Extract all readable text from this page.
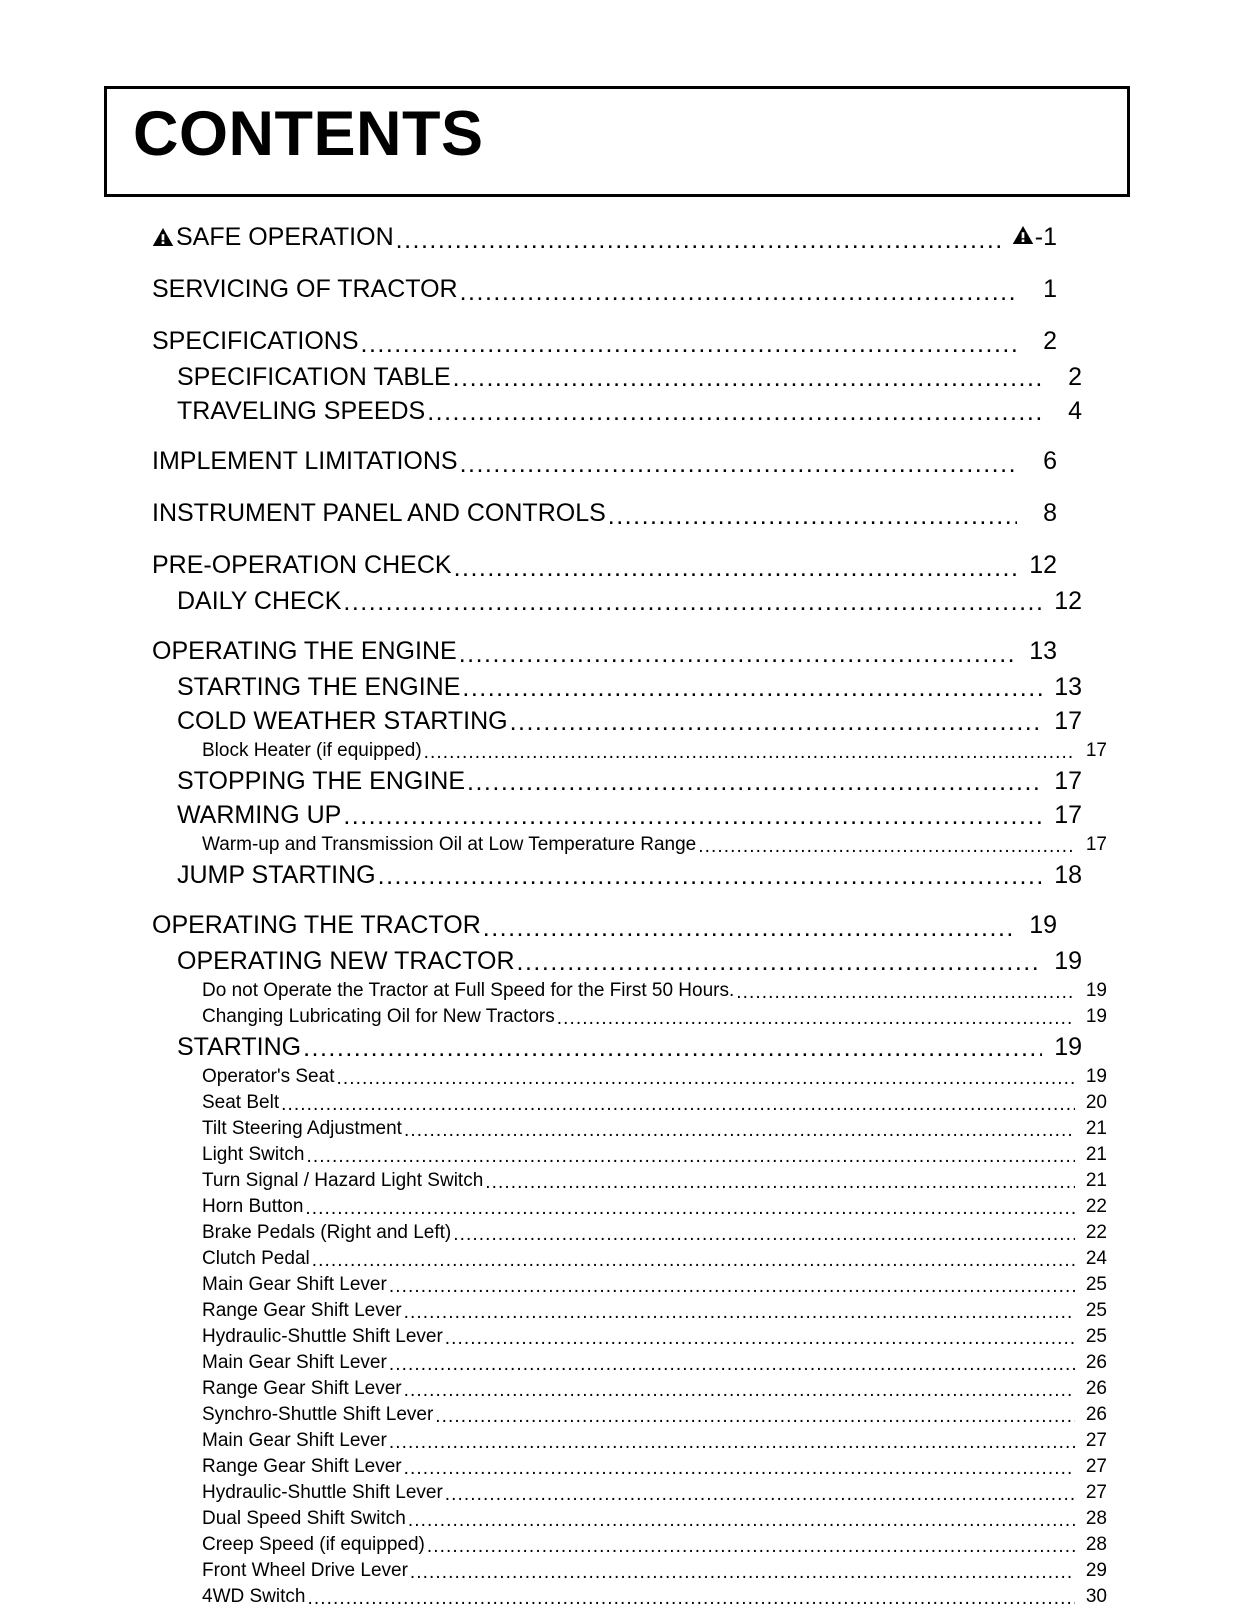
CONTENTS
SAFE OPERATION .....	-1
SERVICING OF TRACTOR .....	1
SPECIFICATIONS .....	2
SPECIFICATION TABLE .....	2
TRAVELING SPEEDS .....	4
IMPLEMENT LIMITATIONS .....	6
INSTRUMENT PANEL AND CONTROLS .....	8
PRE-OPERATION CHECK .....	12
DAILY CHECK .....	12
OPERATING THE ENGINE .....	13
STARTING THE ENGINE .....	13
COLD WEATHER STARTING .....	17
Block Heater (if equipped) .....	17
STOPPING THE ENGINE .....	17
WARMING UP .....	17
Warm-up and Transmission Oil at Low Temperature Range .....	17
JUMP STARTING .....	18
OPERATING THE TRACTOR .....	19
OPERATING NEW TRACTOR .....	19
Do not Operate the Tractor at Full Speed for the First 50 Hours. .....	19
Changing Lubricating Oil for New Tractors .....	19
STARTING .....	19
Operator's Seat .....	19
Seat Belt .....	20
Tilt Steering Adjustment .....	21
Light Switch .....	21
Turn Signal / Hazard Light Switch .....	21
Horn Button .....	22
Brake Pedals (Right and Left) .....	22
Clutch Pedal .....	24
Main Gear Shift Lever .....	25
Range Gear Shift Lever .....	25
Hydraulic-Shuttle Shift Lever .....	25
Main Gear Shift Lever .....	26
Range Gear Shift Lever .....	26
Synchro-Shuttle Shift Lever .....	26
Main Gear Shift Lever .....	27
Range Gear Shift Lever .....	27
Hydraulic-Shuttle Shift Lever .....	27
Dual Speed Shift Switch .....	28
Creep Speed (if equipped) .....	28
Front Wheel Drive Lever .....	29
4WD Switch .....	30
